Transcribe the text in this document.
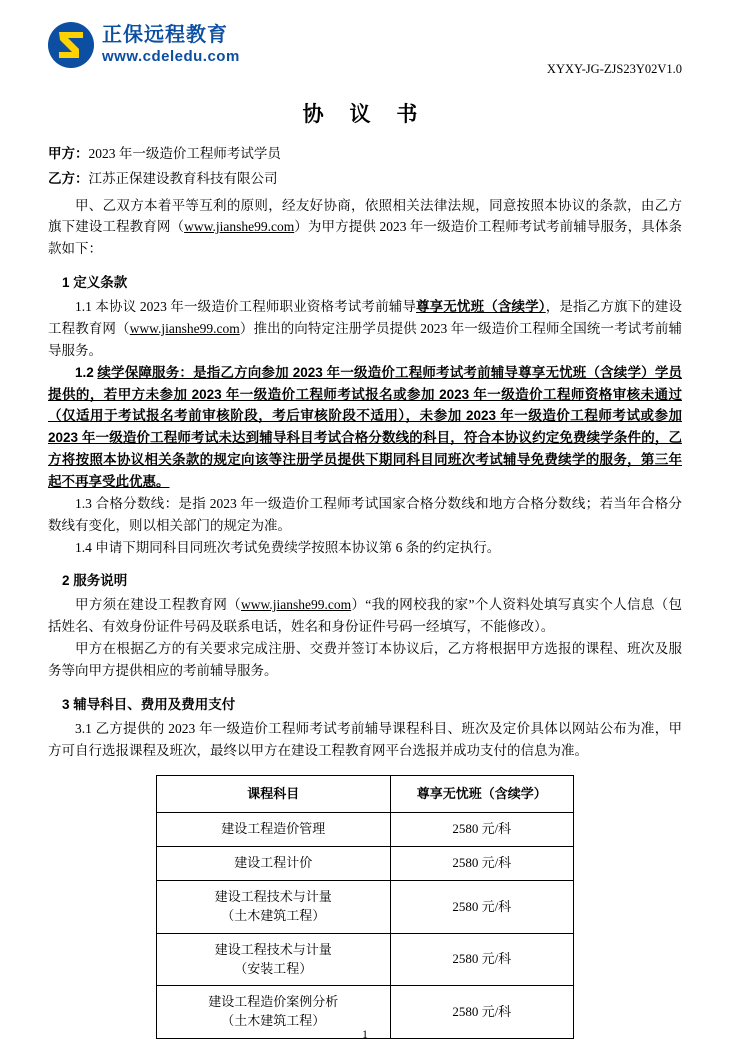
正保远程教育
www.cdeledu.com
XYXY-JG-ZJS23Y02V1.0
协 议 书
甲方：2023 年一级造价工程师考试学员
乙方：江苏正保建设教育科技有限公司

甲、乙双方本着平等互利的原则，经友好协商，依照相关法律法规，同意按照本协议的条款，由乙方旗下建设工程教育网（www.jianshe99.com）为甲方提供 2023 年一级造价工程师考试考前辅导服务，具体条款如下：

1 定义条款

1.1 本协议 2023 年一级造价工程师职业资格考试考前辅导尊享无忧班（含续学），是指乙方旗下的建设工程教育网（www.jianshe99.com）推出的向特定注册学员提供 2023 年一级造价工程师全国统一考试考前辅导服务。

1.2 续学保障服务：是指乙方向参加 2023 年一级造价工程师考试考前辅导尊享无忧班（含续学）学员提供的，若甲方未参加 2023 年一级造价工程师考试报名或参加 2023 年一级造价工程师资格审核未通过（仅适用于考试报名考前审核阶段，考后审核阶段不适用），未参加 2023 年一级造价工程师考试或参加 2023 年一级造价工程师考试未达到辅导科目考试合格分数线的科目，符合本协议约定免费续学条件的，乙方将按照本协议相关条款的规定向该等注册学员提供下期同科目同班次考试辅导免费续学的服务，第三年起不再享受此优惠。

1.3 合格分数线：是指 2023 年一级造价工程师考试国家合格分数线和地方合格分数线；若当年合格分数线有变化，则以相关部门的规定为准。

1.4 申请下期同科目同班次考试免费续学按照本协议第 6 条的约定执行。

2 服务说明

甲方须在建设工程教育网（www.jianshe99.com）“我的网校我的家”个人资料处填写真实个人信息（包括姓名、有效身份证件号码及联系电话，姓名和身份证件号码一经填写，不能修改）。

甲方在根据乙方的有关要求完成注册、交费并签订本协议后，乙方将根据甲方选报的课程、班次及服务等向甲方提供相应的考前辅导服务。

3 辅导科目、费用及费用支付

3.1 乙方提供的 2023 年一级造价工程师考试考前辅导课程科目、班次及定价具体以网站公布为准，甲方可自行选报课程及班次，最终以甲方在建设工程教育网平台选报并成功支付的信息为准。

课程科目	尊享无忧班（含续学）
建设工程造价管理	2580 元/科
建设工程计价	2580 元/科
建设工程技术与计量
（土木建筑工程）	2580 元/科
建设工程技术与计量
（安装工程）	2580 元/科
建设工程造价案例分析
（土木建筑工程）	2580 元/科
1
